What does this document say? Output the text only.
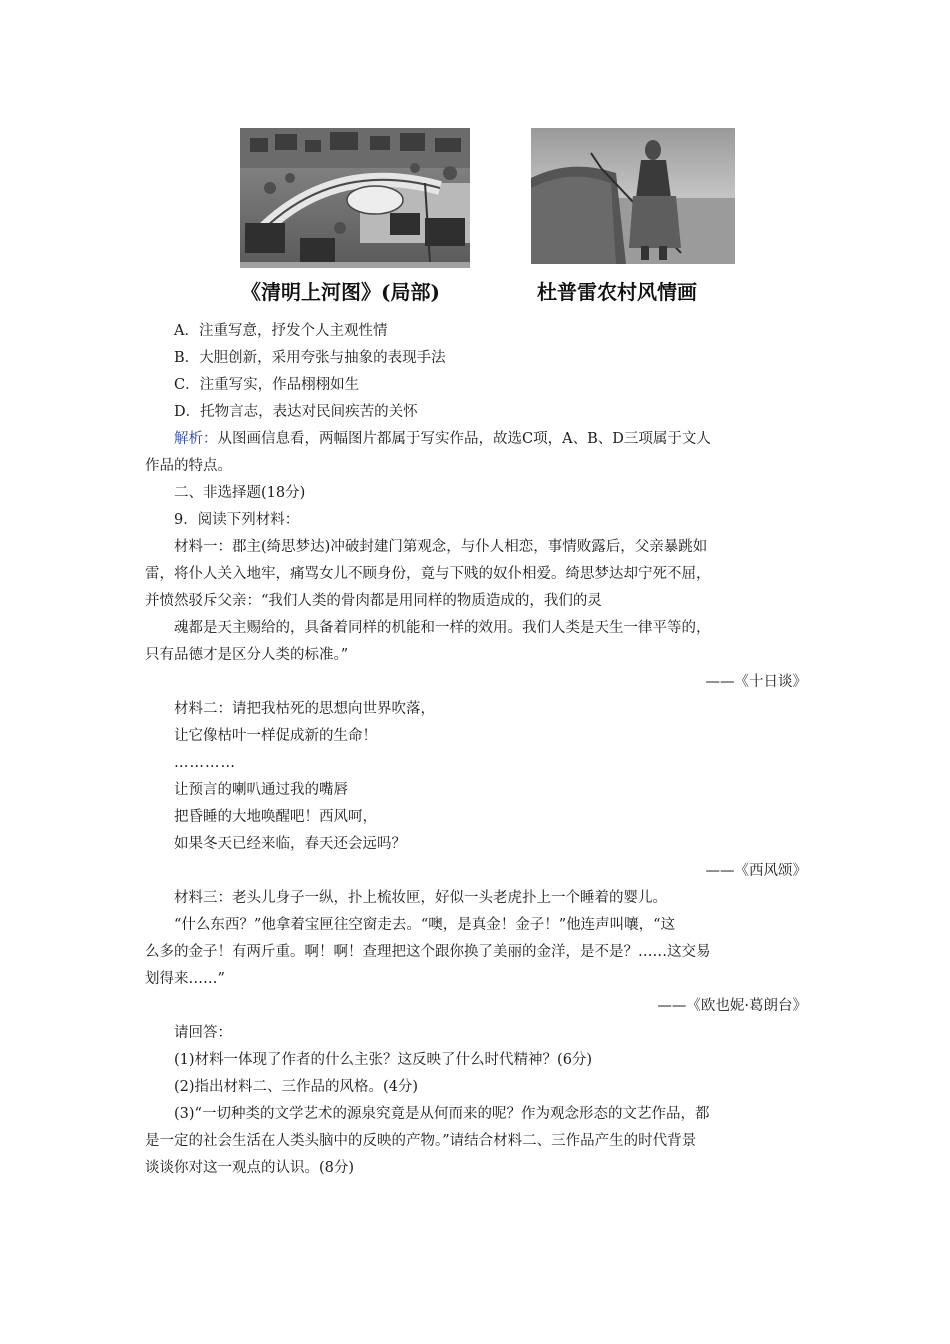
《清明上河图》(局部)	杜普雷农村风情画

A．注重写意，抒发个人主观性情

B．大胆创新，采用夸张与抽象的表现手法

C．注重写实，作品栩栩如生

D．托物言志，表达对民间疾苦的关怀

解析：从图画信息看，两幅图片都属于写实作品，故选C项，A、B、D三项属于文人

作品的特点。

二、非选择题(18分)

9．阅读下列材料：

材料一：郡主(绮思梦达)冲破封建门第观念，与仆人相恋，事情败露后，父亲暴跳如

雷，将仆人关入地牢，痛骂女儿不顾身份，竟与下贱的奴仆相爱。绮思梦达却宁死不屈，

并愤然驳斥父亲：“我们人类的骨肉都是用同样的物质造成的，我们的灵

魂都是天主赐给的，具备着同样的机能和一样的效用。我们人类是天生一律平等的，

只有品德才是区分人类的标准。”

——《十日谈》

材料二：请把我枯死的思想向世界吹落，

让它像枯叶一样促成新的生命！

…………

让预言的喇叭通过我的嘴唇

把昏睡的大地唤醒吧！西风呵，

如果冬天已经来临，春天还会远吗？

——《西风颂》

材料三：老头儿身子一纵，扑上梳妆匣，好似一头老虎扑上一个睡着的婴儿。

“什么东西？”他拿着宝匣往空窗走去。“噢，是真金！金子！”他连声叫嚷，“这

么多的金子！有两斤重。啊！啊！查理把这个跟你换了美丽的金洋，是不是？……这交易

划得来……”

——《欧也妮·葛朗台》

请回答：

(1)材料一体现了作者的什么主张？这反映了什么时代精神？(6分)

(2)指出材料二、三作品的风格。(4分)

(3)“一切种类的文学艺术的源泉究竟是从何而来的呢？作为观念形态的文艺作品，都

是一定的社会生活在人类头脑中的反映的产物。”请结合材料二、三作品产生的时代背景

谈谈你对这一观点的认识。(8分)
